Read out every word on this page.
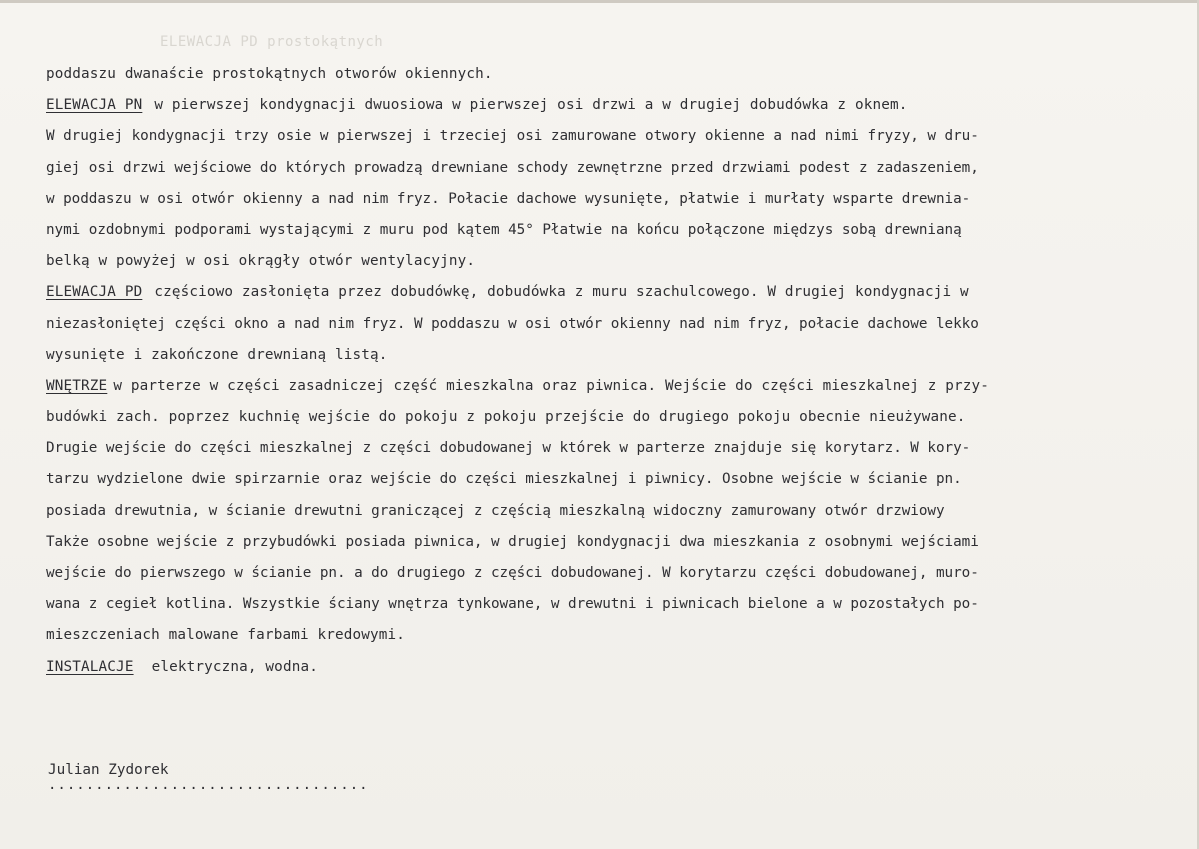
ELEWACJA PD prostokątnych
poddaszu dwanaście prostokątnych otworów okiennych.
ELEWACJA PN w pierwszej kondygnacji dwuosiowa w pierwszej osi drzwi a w drugiej dobudówka z oknem.
W drugiej kondygnacji trzy osie w pierwszej i trzeciej osi zamurowane otwory okienne a nad nimi fryzy, w dru-
giej osi drzwi wejściowe do których prowadzą drewniane schody zewnętrzne przed drzwiami podest z zadaszeniem,
w poddaszu w osi otwór okienny a nad nim fryz. Połacie dachowe wysunięte, płatwie i murłaty wsparte drewnia-
nymi ozdobnymi podporami wystającymi z muru pod kątem 45° Płatwie na końcu połączone międzys sobą drewnianą
belką w powyżej w osi okrągły otwór wentylacyjny.
ELEWACJA PD częściowo zasłonięta przez dobudówkę, dobudówka z muru szachulcowego. W drugiej kondygnacji w
niezasłoniętej części okno a nad nim fryz. W poddaszu w osi otwór okienny nad nim fryz, połacie dachowe lekko
wysunięte i zakończone drewnianą listą.
WNĘTRZE w parterze w części zasadniczej część mieszkalna oraz piwnica. Wejście do części mieszkalnej z przy-
budówki zach. poprzez kuchnię wejście do pokoju z pokoju przejście do drugiego pokoju obecnie nieużywane.
Drugie wejście do części mieszkalnej z części dobudowanej w którek w parterze znajduje się korytarz. W kory-
tarzu wydzielone dwie spirzarnie oraz wejście do części mieszkalnej i piwnicy. Osobne wejście w ścianie pn.
posiada drewutnia, w ścianie drewutni graniczącej z częścią mieszkalną widoczny zamurowany otwór drzwiowy
Także osobne wejście z przybudówki posiada piwnica, w drugiej kondygnacji dwa mieszkania z osobnymi wejściami
wejście do pierwszego w ścianie pn. a do drugiego z części dobudowanej. W korytarzu części dobudowanej, muro-
wana z cegieł kotlina. Wszystkie ściany wnętrza tynkowane, w drewutni i piwnicach bielone a w pozostałych po-
mieszczeniach malowane farbami kredowymi.
INSTALACJE elektryczna, wodna.
Julian Zydorek
..................................
